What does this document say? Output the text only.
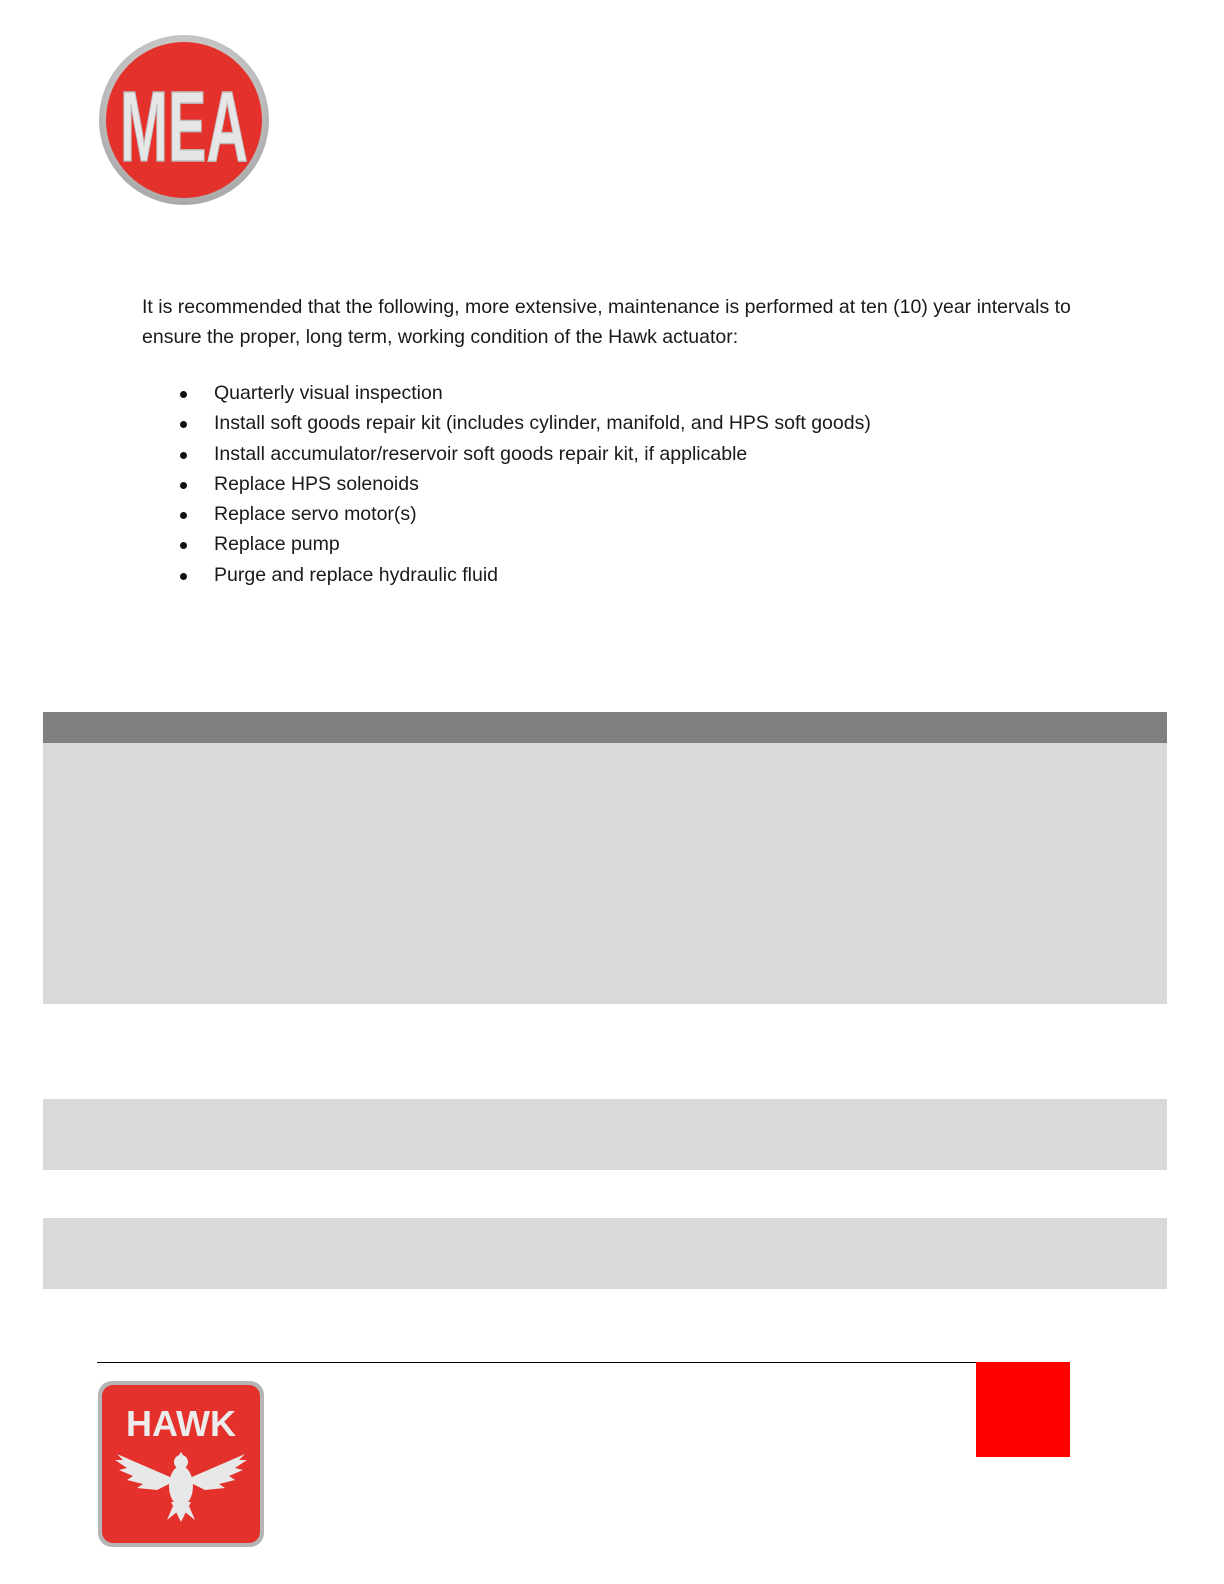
MEA

It is recommended that the following, more extensive, maintenance is performed at ten (10) year intervals to ensure the proper, long term, working condition of the Hawk actuator:

Quarterly visual inspection
Install soft goods repair kit (includes cylinder, manifold, and HPS soft goods)
Install accumulator/reservoir soft goods repair kit, if applicable
Replace HPS solenoids
Replace servo motor(s)
Replace pump
Purge and replace hydraulic fluid
HAWK
